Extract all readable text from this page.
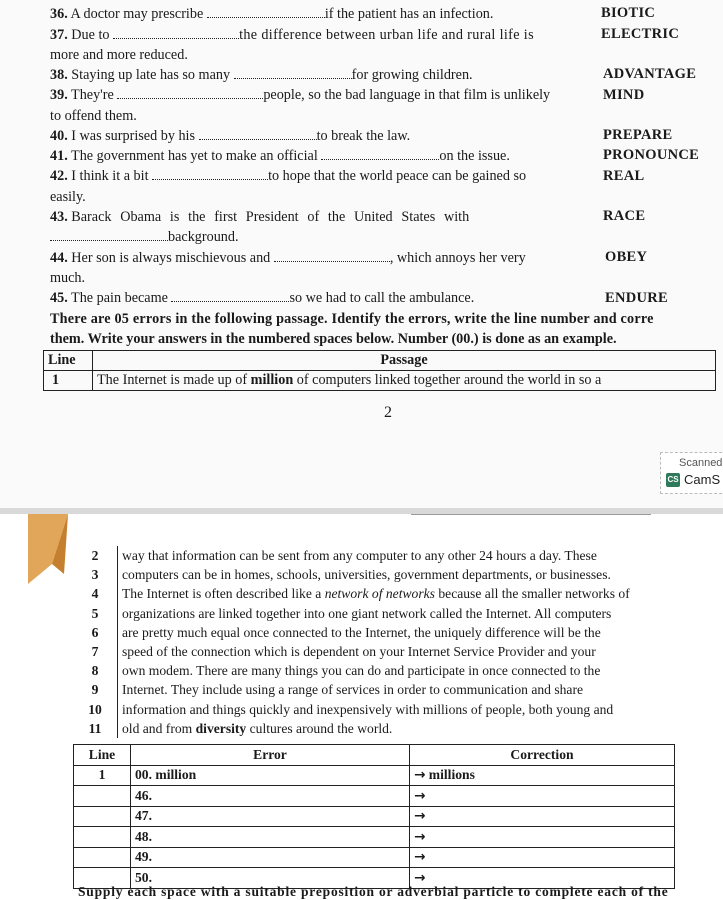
36. A doctor may prescribe	if the patient has an infection.	BIOTIC
37. Due to	the difference between urban life and rural life is	ELECTRIC
more and more reduced.
38. Staying up late has so many	for growing children.	ADVANTAGE
39. They're	people, so the bad language in that film is unlikely	MIND
to offend them.
40. I was surprised by his	to break the law.	PREPARE
41. The government has yet to make an official	on the issue.	PRONOUNCE
42. I think it a bit	to hope that the world peace can be gained so	REAL
easily.
43. Barack Obama is the first President of the United States with	RACE
background.
44. Her son is always mischievous and	, which annoys her very	OBEY
much.
45. The pain became	so we had to call the ambulance.	ENDURE
There are 05 errors in the following passage. Identify the errors, write the line number and corre
them. Write your answers in the numbered spaces below. Number (00.) is done as an example.
Line	Passage
1	The Internet is made up of million of computers linked together around the world in so a
2
Scanned
CS CamS
2	way that information can be sent from any computer to any other 24 hours a day. These
3	computers can be in homes, schools, universities, government departments, or businesses.
4	The Internet is often described like a network of networks because all the smaller networks of
5	organizations are linked together into one giant network called the Internet. All computers
6	are pretty much equal once connected to the Internet, the uniquely difference will be the
7	speed of the connection which is dependent on your Internet Service Provider and your
8	own modem. There are many things you can do and participate in once connected to the
9	Internet. They include using a range of services in order to communication and share
10	information and things quickly and inexpensively with millions of people, both young and
11	old and from diversity cultures around the world.
Line	Error	Correction
1	00. million	→ millions
	46.	→
	47.	→
	48.	→
	49.	→
	50.	→
Supply each space with a suitable preposition or adverbial particle to complete each of the
